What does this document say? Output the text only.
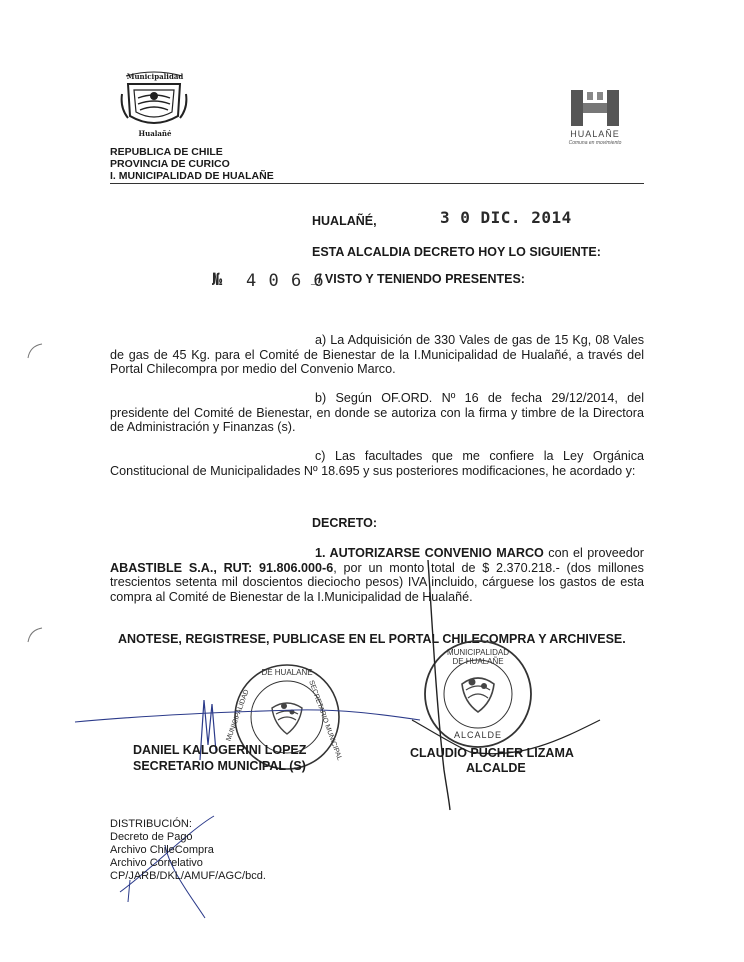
Municipalidad
Hualañé
REPUBLICA DE CHILE
PROVINCIA DE CURICO
I. MUNICIPALIDAD DE HUALAÑE
HUALAÑE
Comuna en movimiento
HUALAÑÉ,	3 0 DIC. 2014
ESTA ALCALDIA DECRETO HOY LO SIGUIENTE:
№ 4 0 6 6
_/ VISTO Y TENIENDO PRESENTES:
a) La Adquisición de 330 Vales de gas de 15 Kg, 08 Vales de gas de 45 Kg. para el Comité de Bienestar de la I.Municipalidad de Hualañé, a través del Portal Chilecompra por medio del Convenio Marco.
b) Según OF.ORD. Nº 16 de fecha 29/12/2014, del presidente del Comité de Bienestar, en donde se autoriza con la firma y timbre de la Directora de Administración y Finanzas (s).
c) Las facultades que me confiere la Ley Orgánica Constitucional de Municipalidades Nº 18.695 y sus posteriores modificaciones, he acordado y:
DECRETO:
1. AUTORIZARSE CONVENIO MARCO con el proveedor ABASTIBLE S.A., RUT: 91.806.000-6, por un monto total de $ 2.370.218.- (dos millones trescientos setenta mil doscientos dieciocho pesos) IVA incluido, cárguese los gastos de esta compra al Comité de Bienestar de la I.Municipalidad de Hualañé.
ANOTESE, REGISTRESE, PUBLICASE EN EL PORTAL CHILECOMPRA Y ARCHIVESE.
DE HUALAÑE
MUNICIPALIDAD	SECRETARIO MUNICIPAL
MUNICIPALIDAD DE HUALAÑE
ALCALDE
DANIEL KALOGERINI LOPEZ
SECRETARIO MUNICIPAL (S)
CLAUDIO PUCHER LIZAMA
ALCALDE
DISTRIBUCIÓN:
Decreto de Pago
Archivo ChileCompra
Archivo Correlativo
CP/JARB/DKL/AMUF/AGC/bcd.
